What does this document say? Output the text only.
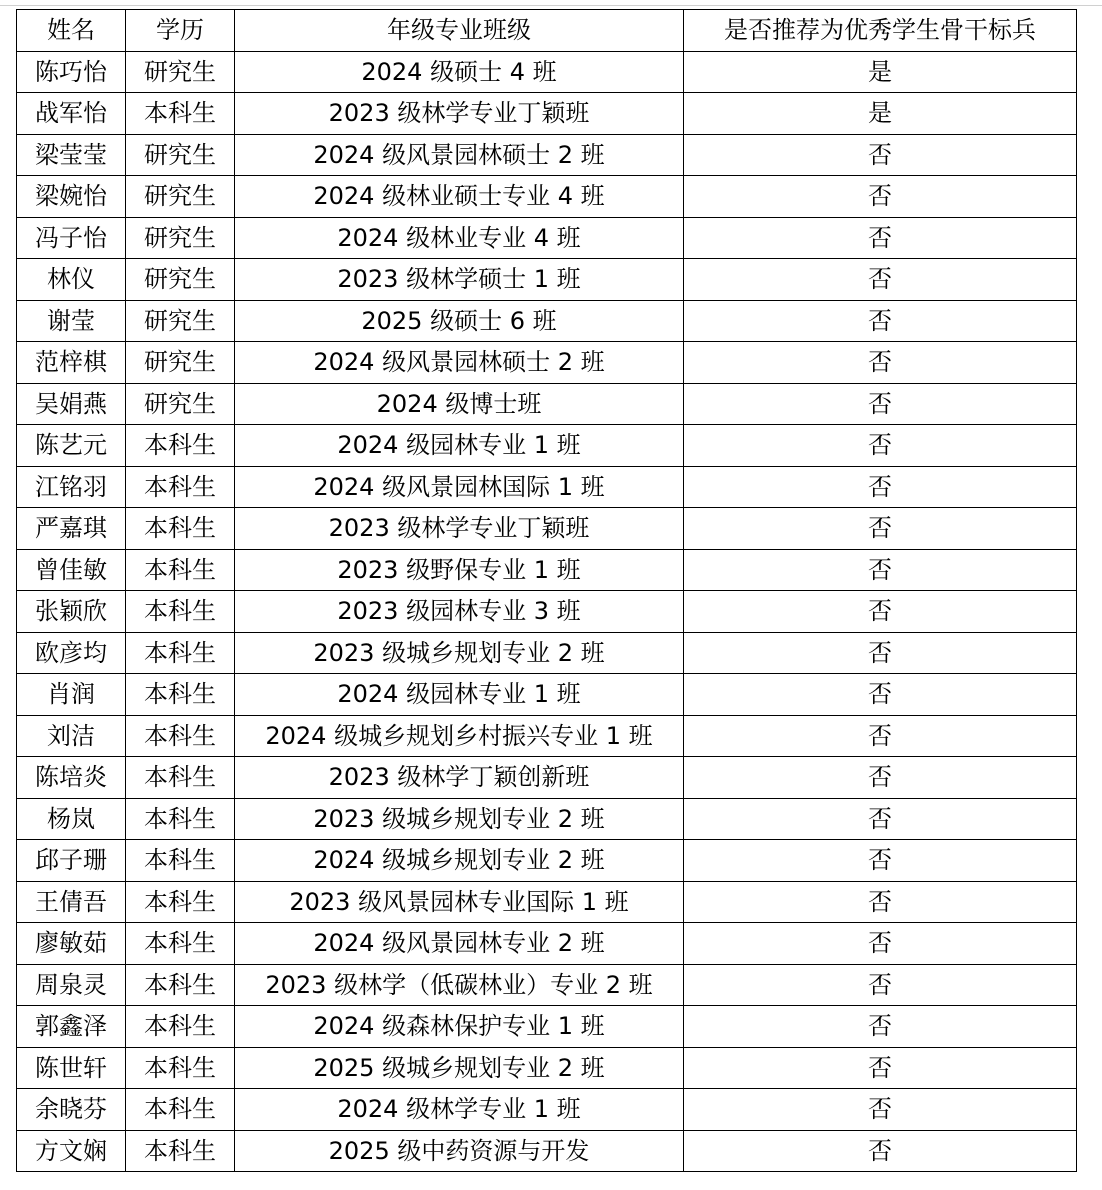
姓名	学历	年级专业班级	是否推荐为优秀学生骨干标兵
陈巧怡	研究生	2024 级硕士 4 班	是
战军怡	本科生	2023 级林学专业丁颖班	是
梁莹莹	研究生	2024 级风景园林硕士 2 班	否
梁婉怡	研究生	2024 级林业硕士专业 4 班	否
冯子怡	研究生	2024 级林业专业 4 班	否
林仪	研究生	2023 级林学硕士 1 班	否
谢莹	研究生	2025 级硕士 6 班	否
范梓棋	研究生	2024 级风景园林硕士 2 班	否
吴娟燕	研究生	2024 级博士班	否
陈艺元	本科生	2024 级园林专业 1 班	否
江铭羽	本科生	2024 级风景园林国际 1 班	否
严嘉琪	本科生	2023 级林学专业丁颖班	否
曾佳敏	本科生	2023 级野保专业 1 班	否
张颖欣	本科生	2023 级园林专业 3 班	否
欧彦均	本科生	2023 级城乡规划专业 2 班	否
肖润	本科生	2024 级园林专业 1 班	否
刘洁	本科生	2024 级城乡规划乡村振兴专业 1 班	否
陈培炎	本科生	2023 级林学丁颖创新班	否
杨岚	本科生	2023 级城乡规划专业 2 班	否
邱子珊	本科生	2024 级城乡规划专业 2 班	否
王倩吾	本科生	2023 级风景园林专业国际 1 班	否
廖敏茹	本科生	2024 级风景园林专业 2 班	否
周泉灵	本科生	2023 级林学（低碳林业）专业 2 班	否
郭鑫泽	本科生	2024 级森林保护专业 1 班	否
陈世轩	本科生	2025 级城乡规划专业 2 班	否
余晓芬	本科生	2024 级林学专业 1 班	否
方文娴	本科生	2025 级中药资源与开发	否
